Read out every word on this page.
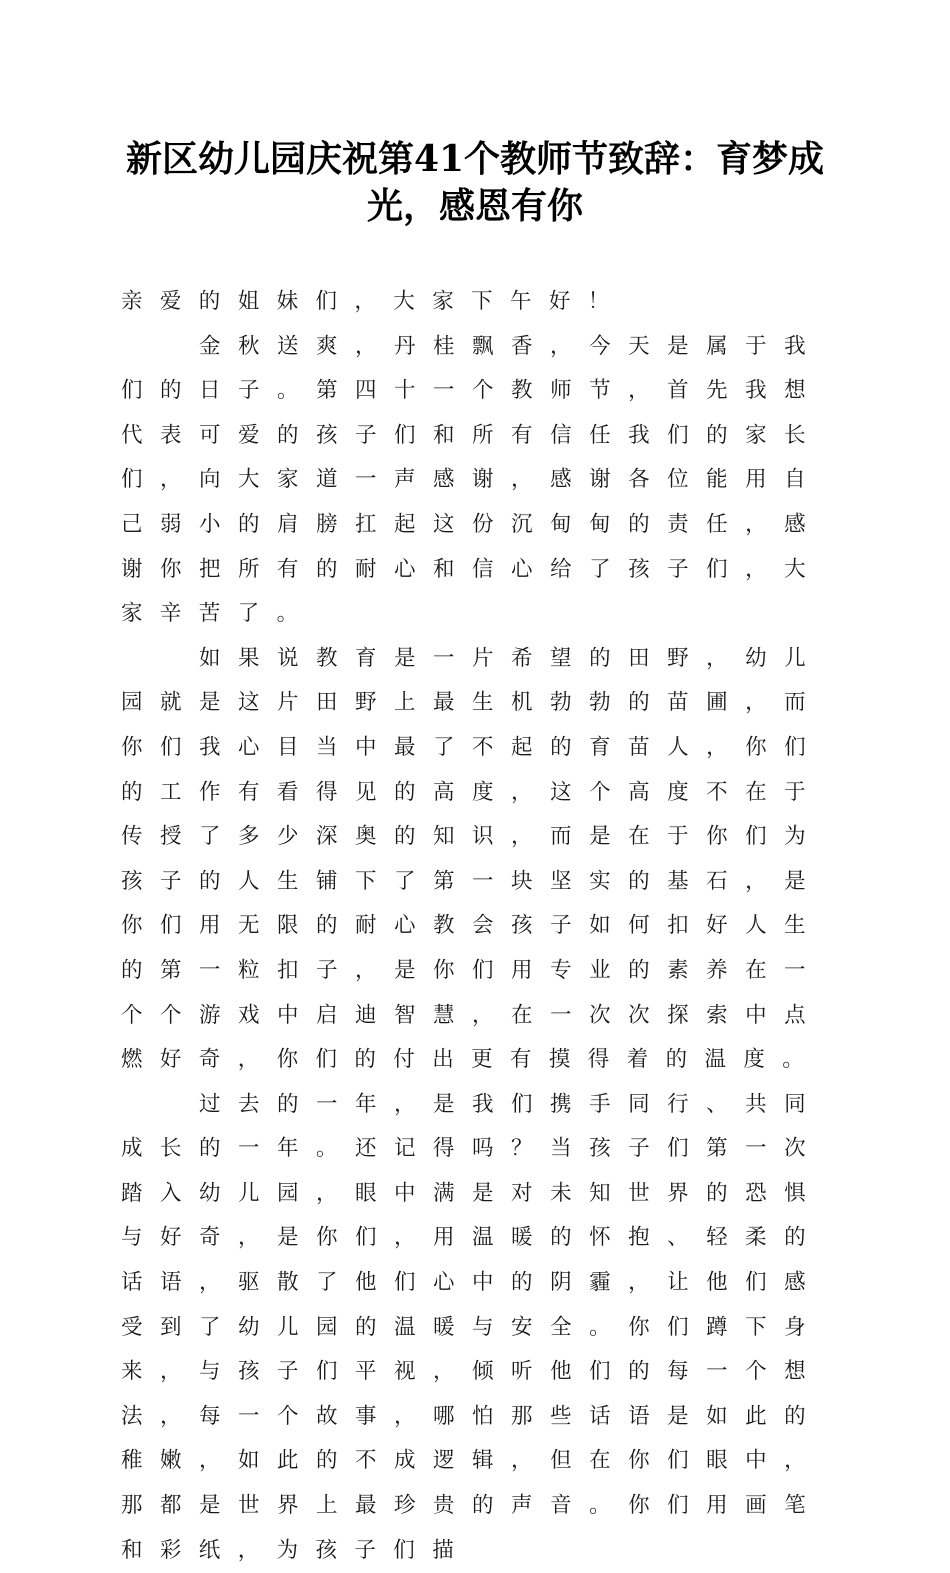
新区幼儿园庆祝第41个教师节致辞：育梦成光，感恩有你

亲爱的姐妹们，大家下午好！

金秋送爽，丹桂飘香，今天是属于我们的日子。第四十一个教师节，首先我想代表可爱的孩子们和所有信任我们的家长们，向大家道一声感谢，感谢各位能用自己弱小的肩膀扛起这份沉甸甸的责任，感谢你把所有的耐心和信心给了孩子们，大家辛苦了。

如果说教育是一片希望的田野，幼儿园就是这片田野上最生机勃勃的苗圃，而你们我心目当中最了不起的育苗人，你们的工作有看得见的高度，这个高度不在于传授了多少深奥的知识，而是在于你们为孩子的人生铺下了第一块坚实的基石，是你们用无限的耐心教会孩子如何扣好人生的第一粒扣子，是你们用专业的素养在一个个游戏中启迪智慧，在一次次探索中点燃好奇，你们的付出更有摸得着的温度。

过去的一年，是我们携手同行、共同成长的一年。还记得吗？当孩子们第一次踏入幼儿园，眼中满是对未知世界的恐惧与好奇，是你们，用温暖的怀抱、轻柔的话语，驱散了他们心中的阴霾，让他们感受到了幼儿园的温暖与安全。你们蹲下身来，与孩子们平视，倾听他们的每一个想法，每一个故事，哪怕那些话语是如此的稚嫩，如此的不成逻辑，但在你们眼中，那都是世界上最珍贵的声音。你们用画笔和彩纸，为孩子们描
